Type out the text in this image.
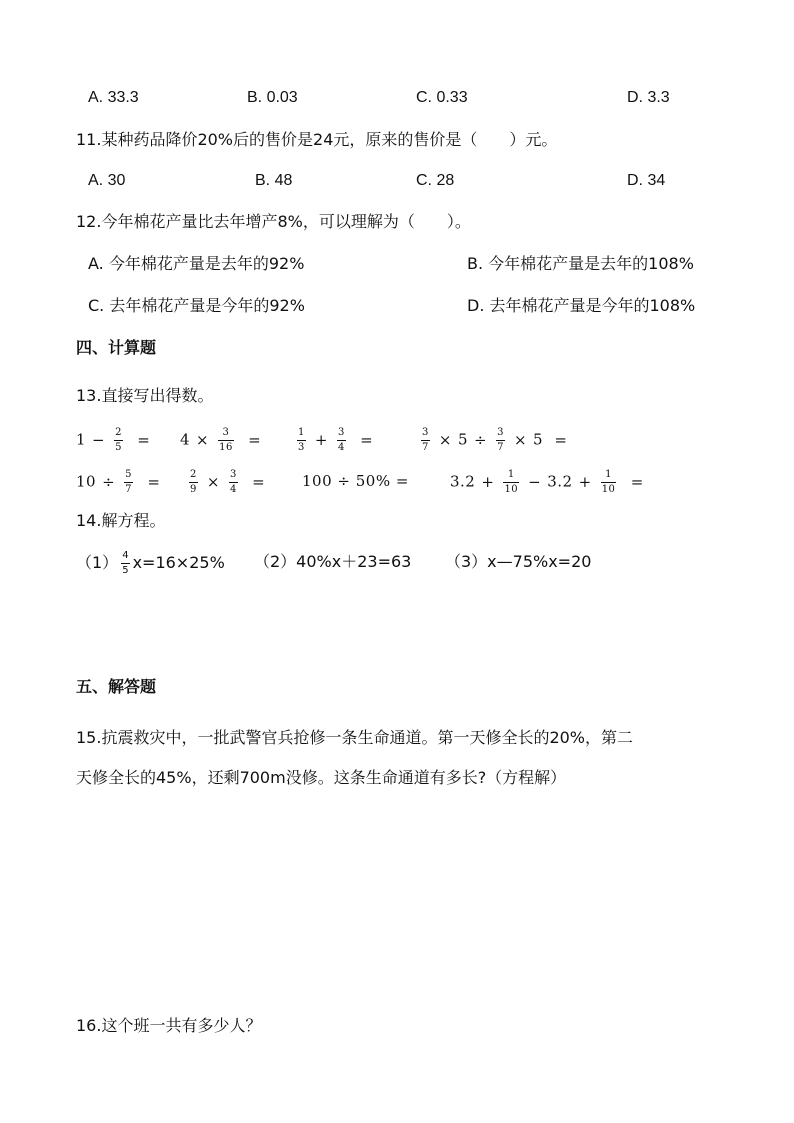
A. 33.3	B. 0.03	C. 0.33	D. 3.3
11.某种药品降价20%后的售价是24元，原来的售价是（　　）元。
A. 30	B. 48	C. 28	D. 34
12.今年棉花产量比去年增产8%，可以理解为（　　）。
A. 今年棉花产量是去年的92%	B. 今年棉花产量是去年的108%
C. 去年棉花产量是今年的92%	D. 去年棉花产量是今年的108%
四、计算题
13.直接写出得数。
$1 - \frac{2}{5}$ =	$4 \times \frac{3}{16}$ =	$\frac{1}{3} + \frac{3}{4}$ =	$\frac{3}{7} \times 5 \div \frac{3}{7} \times 5$ =
$10 \div \frac{5}{7}$ =	$\frac{2}{9} \times \frac{3}{4}$ =	100 ÷ 50% =	$3.2 + \frac{1}{10} - 3.2 + \frac{1}{10}$ =
14.解方程。
$(1) \frac{4}{5} x=16\times 25\%$ （2）40%x＋23=63 （3）x—75%x=20
五、解答题
15.抗震救灾中，一批武警官兵抢修一条生命通道。第一天修全长的20%，第二
天修全长的45%，还剩700m没修。这条生命通道有多长?（方程解）
16.这个班一共有多少人？
